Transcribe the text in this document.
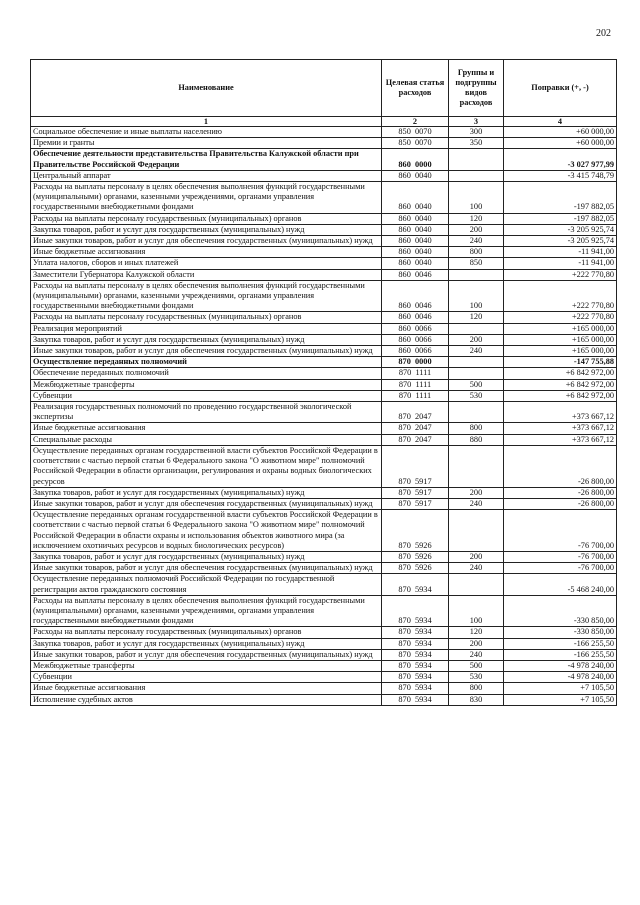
202
Наименование	Целевая статья расходов	Группы и подгруппы видов расходов	Поправки (+, -)
1	2	3	4
Социальное обеспечение и иные выплаты населению	850  0070	300	+60 000,00
Премии и гранты	850  0070	350	+60 000,00
Обеспечение деятельности представительства Правительства Калужской области при Правительстве Российской Федерации	860  0000		-3 027 977,99
Центральный аппарат	860  0040		-3 415 748,79
Расходы на выплаты персоналу в целях обеспечения выполнения функций государственными (муниципальными) органами, казенными учреждениями, органами управления государственными внебюджетными фондами	860  0040	100	-197 882,05
Расходы на выплаты персоналу государственных (муниципальных) органов	860  0040	120	-197 882,05
Закупка товаров, работ и услуг для государственных (муниципальных) нужд	860  0040	200	-3 205 925,74
Иные закупки товаров, работ и услуг для обеспечения государственных (муниципальных) нужд	860  0040	240	-3 205 925,74
Иные бюджетные ассигнования	860  0040	800	-11 941,00
Уплата налогов, сборов и иных платежей	860  0040	850	-11 941,00
Заместители Губернатора Калужской области	860  0046		+222 770,80
Расходы на выплаты персоналу в целях обеспечения выполнения функций государственными (муниципальными) органами, казенными учреждениями, органами управления государственными внебюджетными фондами	860  0046	100	+222 770,80
Расходы на выплаты персоналу государственных (муниципальных) органов	860  0046	120	+222 770,80
Реализация мероприятий	860  0066		+165 000,00
Закупка товаров, работ и услуг для государственных (муниципальных) нужд	860  0066	200	+165 000,00
Иные закупки товаров, работ и услуг для обеспечения государственных (муниципальных) нужд	860  0066	240	+165 000,00
Осуществление переданных полномочий	870  0000		-147 755,88
Обеспечение переданных полномочий	870  1111		+6 842 972,00
Межбюджетные трансферты	870  1111	500	+6 842 972,00
Субвенции	870  1111	530	+6 842 972,00
Реализация государственных полномочий по проведению государственной экологической экспертизы	870  2047		+373 667,12
Иные бюджетные ассигнования	870  2047	800	+373 667,12
Специальные расходы	870  2047	880	+373 667,12
Осуществление переданных органам государственной власти субъектов Российской Федерации в соответствии с частью первой статьи 6 Федерального закона "О животном мире" полномочий Российской Федерации в области организации, регулирования и охраны водных биологических ресурсов	870  5917		-26 800,00
Закупка товаров, работ и услуг для государственных (муниципальных) нужд	870  5917	200	-26 800,00
Иные закупки товаров, работ и услуг для обеспечения государственных (муниципальных) нужд	870  5917	240	-26 800,00
Осуществление переданных органам государственной власти субъектов Российской Федерации в соответствии с частью первой статьи 6 Федерального закона "О животном мире" полномочий Российской Федерации в области охраны и использования объектов животного мира (за исключением охотничьих ресурсов и водных биологических ресурсов)	870  5926		-76 700,00
Закупка товаров, работ и услуг для государственных (муниципальных) нужд	870  5926	200	-76 700,00
Иные закупки товаров, работ и услуг для обеспечения государственных (муниципальных) нужд	870  5926	240	-76 700,00
Осуществление переданных полномочий Российской Федерации по государственной регистрации актов гражданского состояния	870  5934		-5 468 240,00
Расходы на выплаты персоналу в целях обеспечения выполнения функций государственными (муниципальными) органами, казенными учреждениями, органами управления государственными внебюджетными фондами	870  5934	100	-330 850,00
Расходы на выплаты персоналу государственных (муниципальных) органов	870  5934	120	-330 850,00
Закупка товаров, работ и услуг для государственных (муниципальных) нужд	870  5934	200	-166 255,50
Иные закупки товаров, работ и услуг для обеспечения государственных (муниципальных) нужд	870  5934	240	-166 255,50
Межбюджетные трансферты	870  5934	500	-4 978 240,00
Субвенции	870  5934	530	-4 978 240,00
Иные бюджетные ассигнования	870  5934	800	+7 105,50
Исполнение судебных актов	870  5934	830	+7 105,50
